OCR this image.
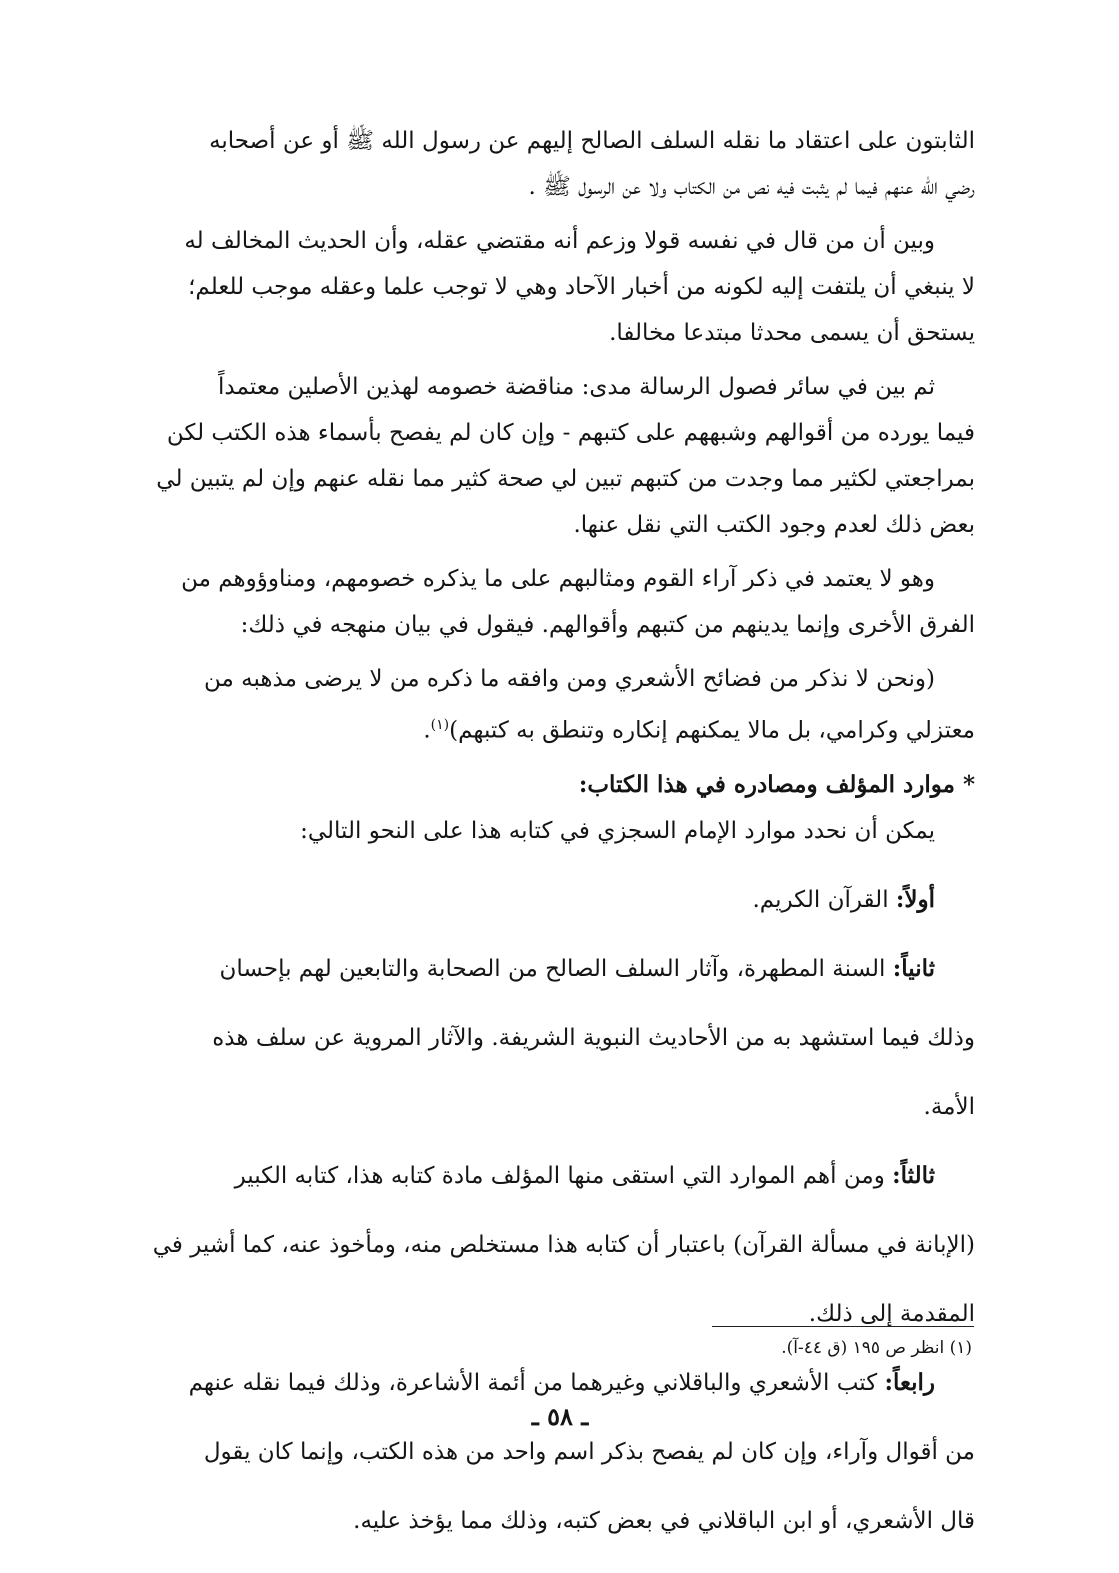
الثابتون على اعتقاد ما نقله السلف الصالح إليهم عن رسول الله ﷺ أو عن أصحابه

رضي الله عنهم فيما لم يثبت فيه نص من الكتاب ولا عن الرسول ﷺ .

وبين أن من قال في نفسه قولا وزعم أنه مقتضي عقله، وأن الحديث المخالف له

لا ينبغي أن يلتفت إليه لكونه من أخبار الآحاد وهي لا توجب علما وعقله موجب للعلم؛

يستحق أن يسمى محدثا مبتدعا مخالفا.

ثم بين في سائر فصول الرسالة مدى: مناقضة خصومه لهذين الأصلين معتمداً

فيما يورده من أقوالهم وشبههم على كتبهم - وإن كان لم يفصح بأسماء هذه الكتب لكن

بمراجعتي لكثير مما وجدت من كتبهم تبين لي صحة كثير مما نقله عنهم وإن لم يتبين لي

بعض ذلك لعدم وجود الكتب التي نقل عنها.

وهو لا يعتمد في ذكر آراء القوم ومثالبهم على ما يذكره خصومهم، ومناوؤوهم من

الفرق الأخرى وإنما يدينهم من كتبهم وأقوالهم. فيقول في بيان منهجه في ذلك:

(ونحن لا نذكر من فضائح الأشعري ومن وافقه ما ذكره من لا يرضى مذهبه من

معتزلي وكرامي، بل مالا يمكنهم إنكاره وتنطق به كتبهم)$^{(١)}$.

* موارد المؤلف ومصادره في هذا الكتاب:

يمكن أن نحدد موارد الإمام السجزي في كتابه هذا على النحو التالي:

أولاً: القرآن الكريم.

ثانياً: السنة المطهرة، وآثار السلف الصالح من الصحابة والتابعين لهم بإحسان

وذلك فيما استشهد به من الأحاديث النبوية الشريفة. والآثار المروية عن سلف هذه

الأمة.

ثالثاً: ومن أهم الموارد التي استقى منها المؤلف مادة كتابه هذا، كتابه الكبير

(الإبانة في مسألة القرآن) باعتبار أن كتابه هذا مستخلص منه، ومأخوذ عنه، كما أشير في

المقدمة إلى ذلك.

رابعاً: كتب الأشعري والباقلاني وغيرهما من أئمة الأشاعرة، وذلك فيما نقله عنهم

من أقوال وآراء، وإن كان لم يفصح بذكر اسم واحد من هذه الكتب، وإنما كان يقول

قال الأشعري، أو ابن الباقلاني في بعض كتبه، وذلك مما يؤخذ عليه.

(١) انظر ص ١٩٥ (ق ٤٤-آ).
ـ ٥٨ ـ
